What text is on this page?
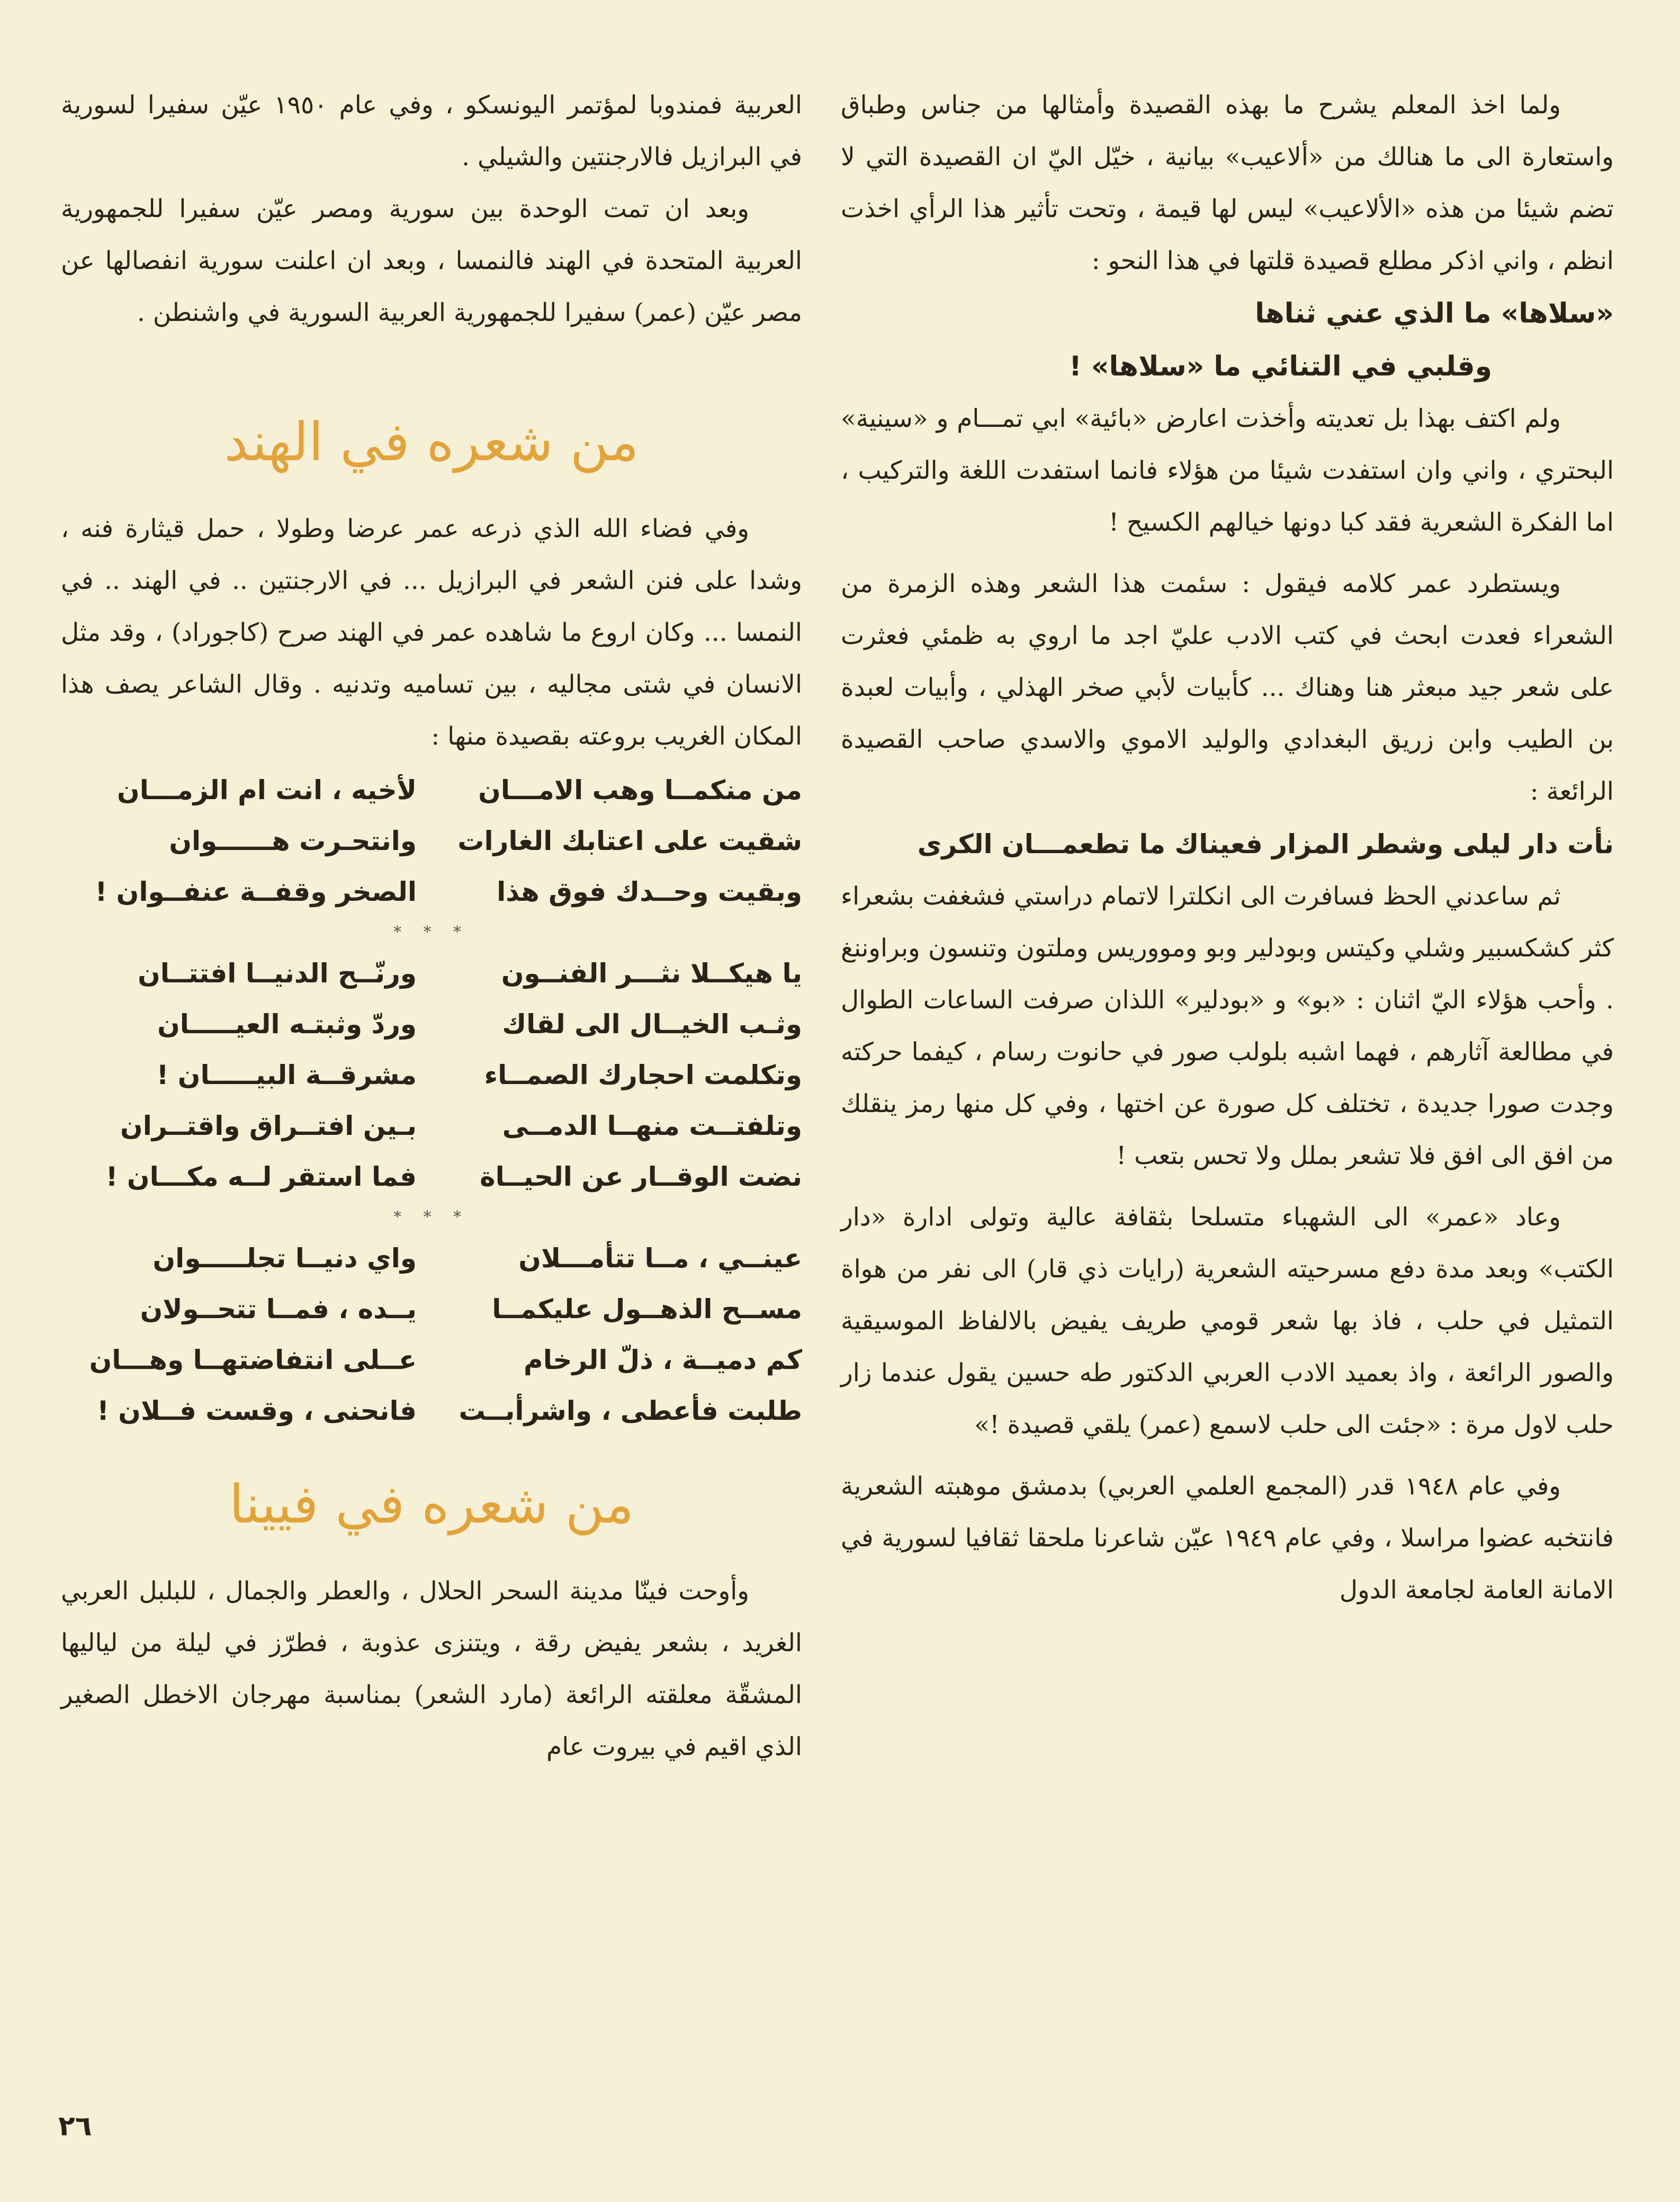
ولما اخذ المعلم يشرح ما بهذه القصيدة وأمثالها من جناس وطباق واستعارة الى ما هنالك من «ألاعيب» بيانية ، خيّل اليّ ان القصيدة التي لا تضم شيئا من هذه «الألاعيب» ليس لها قيمة ، وتحت تأثير هذا الرأي اخذت انظم ، واني اذكر مطلع قصيدة قلتها في هذا النحو :

«سلاها» ما الذي عني ثناها
وقلبي في التنائي ما «سلاها» !

ولم اكتف بهذا بل تعديته وأخذت اعارض «بائية» ابي تمـــام و «سينية» البحتري ، واني وان استفدت شيئا من هؤلاء فانما استفدت اللغة والتركيب ، اما الفكرة الشعرية فقد كبا دونها خيالهم الكسيح !

ويستطرد عمر كلامه فيقول : سئمت هذا الشعر وهذه الزمرة من الشعراء فعدت ابحث في كتب الادب عليّ اجد ما اروي به ظمئي فعثرت على شعر جيد مبعثر هنا وهناك ... كأبيات لأبي صخر الهذلي ، وأبيات لعبدة بن الطيب وابن زريق البغدادي والوليد الاموي والاسدي صاحب القصيدة الرائعة :

نأت دار ليلى وشطر المزار فعيناك ما تطعمـــان الكرى

ثم ساعدني الحظ فسافرت الى انكلترا لاتمام دراستي فشغفت بشعراء كثر كشكسبير وشلي وكيتس وبودلير وبو ومووريس وملتون وتنسون وبراوننغ . وأحب هؤلاء اليّ اثنان : «بو» و «بودلير» اللذان صرفت الساعات الطوال في مطالعة آثارهم ، فهما اشبه بلولب صور في حانوت رسام ، كيفما حركته وجدت صورا جديدة ، تختلف كل صورة عن اختها ، وفي كل منها رمز ينقلك من افق الى افق فلا تشعر بملل ولا تحس بتعب !

وعاد «عمر» الى الشهباء متسلحا بثقافة عالية وتولى ادارة «دار الكتب» وبعد مدة دفع مسرحيته الشعرية (رايات ذي قار) الى نفر من هواة التمثيل في حلب ، فاذ بها شعر قومي طريف يفيض بالالفاظ الموسيقية والصور الرائعة ، واذ بعميد الادب العربي الدكتور طه حسين يقول عندما زار حلب لاول مرة : «جئت الى حلب لاسمع (عمر) يلقي قصيدة !»

وفي عام ١٩٤٨ قدر (المجمع العلمي العربي) بدمشق موهبته الشعرية فانتخبه عضوا مراسلا ، وفي عام ١٩٤٩ عيّن شاعرنا ملحقا ثقافيا لسورية في الامانة العامة لجامعة الدول

العربية فمندوبا لمؤتمر اليونسكو ، وفي عام ١٩٥٠ عيّن سفيرا لسورية في البرازيل فالارجنتين والشيلي .

وبعد ان تمت الوحدة بين سورية ومصر عيّن سفيرا للجمهورية العربية المتحدة في الهند فالنمسا ، وبعد ان اعلنت سورية انفصالها عن مصر عيّن (عمر) سفيرا للجمهورية العربية السورية في واشنطن .

من شعره في الهند

وفي فضاء الله الذي ذرعه عمر عرضا وطولا ، حمل قيثارة فنه ، وشدا على فنن الشعر في البرازيل ... في الارجنتين .. في الهند .. في النمسا ... وكان اروع ما شاهده عمر في الهند صرح (كاجوراد) ، وقد مثل الانسان في شتى مجاليه ، بين تساميه وتدنيه . وقال الشاعر يصف هذا المكان الغريب بروعته بقصيدة منها :

من منكمــا وهب الامـــان
لأخيه ، انت ام الزمـــان
شقيت على اعتابك الغارات
وانتحـرت هــــــوان
وبقيت وحــدك فوق هذا
الصخر وقفــة عنفــوان !
* * *
يا هيكــلا نثـــر الفنــون
ورنّــح الدنيــا افتتــان
وثـب الخيــال الى لقاك
وردّ وثبتـه العيـــــان
وتكلمت احجارك الصمــاء
مشرقــة البيـــــان !
وتلفتــت منهــا الدمــى
بـين افتــراق واقتــران
نضت الوقــار عن الحيــاة
فما استقر لــه مكـــان !
* * *
عينــي ، مــا تتأمـــلان
واي دنيــا تجلـــــوان
مســح الذهــول عليكمــا
يــده ، فمــا تتحــولان
كم دميــة ، ذلّ الرخام
عــلى انتفاضتهــا وهـــان
طلبت فأعطى ، واشرأبــت
فانحنى ، وقست فــلان !
من شعره في فيينا

وأوحت فينّا مدينة السحر الحلال ، والعطر والجمال ، للبلبل العربي الغريد ، بشعر يفيض رقة ، ويتنزى عذوبة ، فطرّز في ليلة من لياليها المشقّة معلقته الرائعة (مارد الشعر) بمناسبة مهرجان الاخطل الصغير الذي اقيم في بيروت عام

٢٦
